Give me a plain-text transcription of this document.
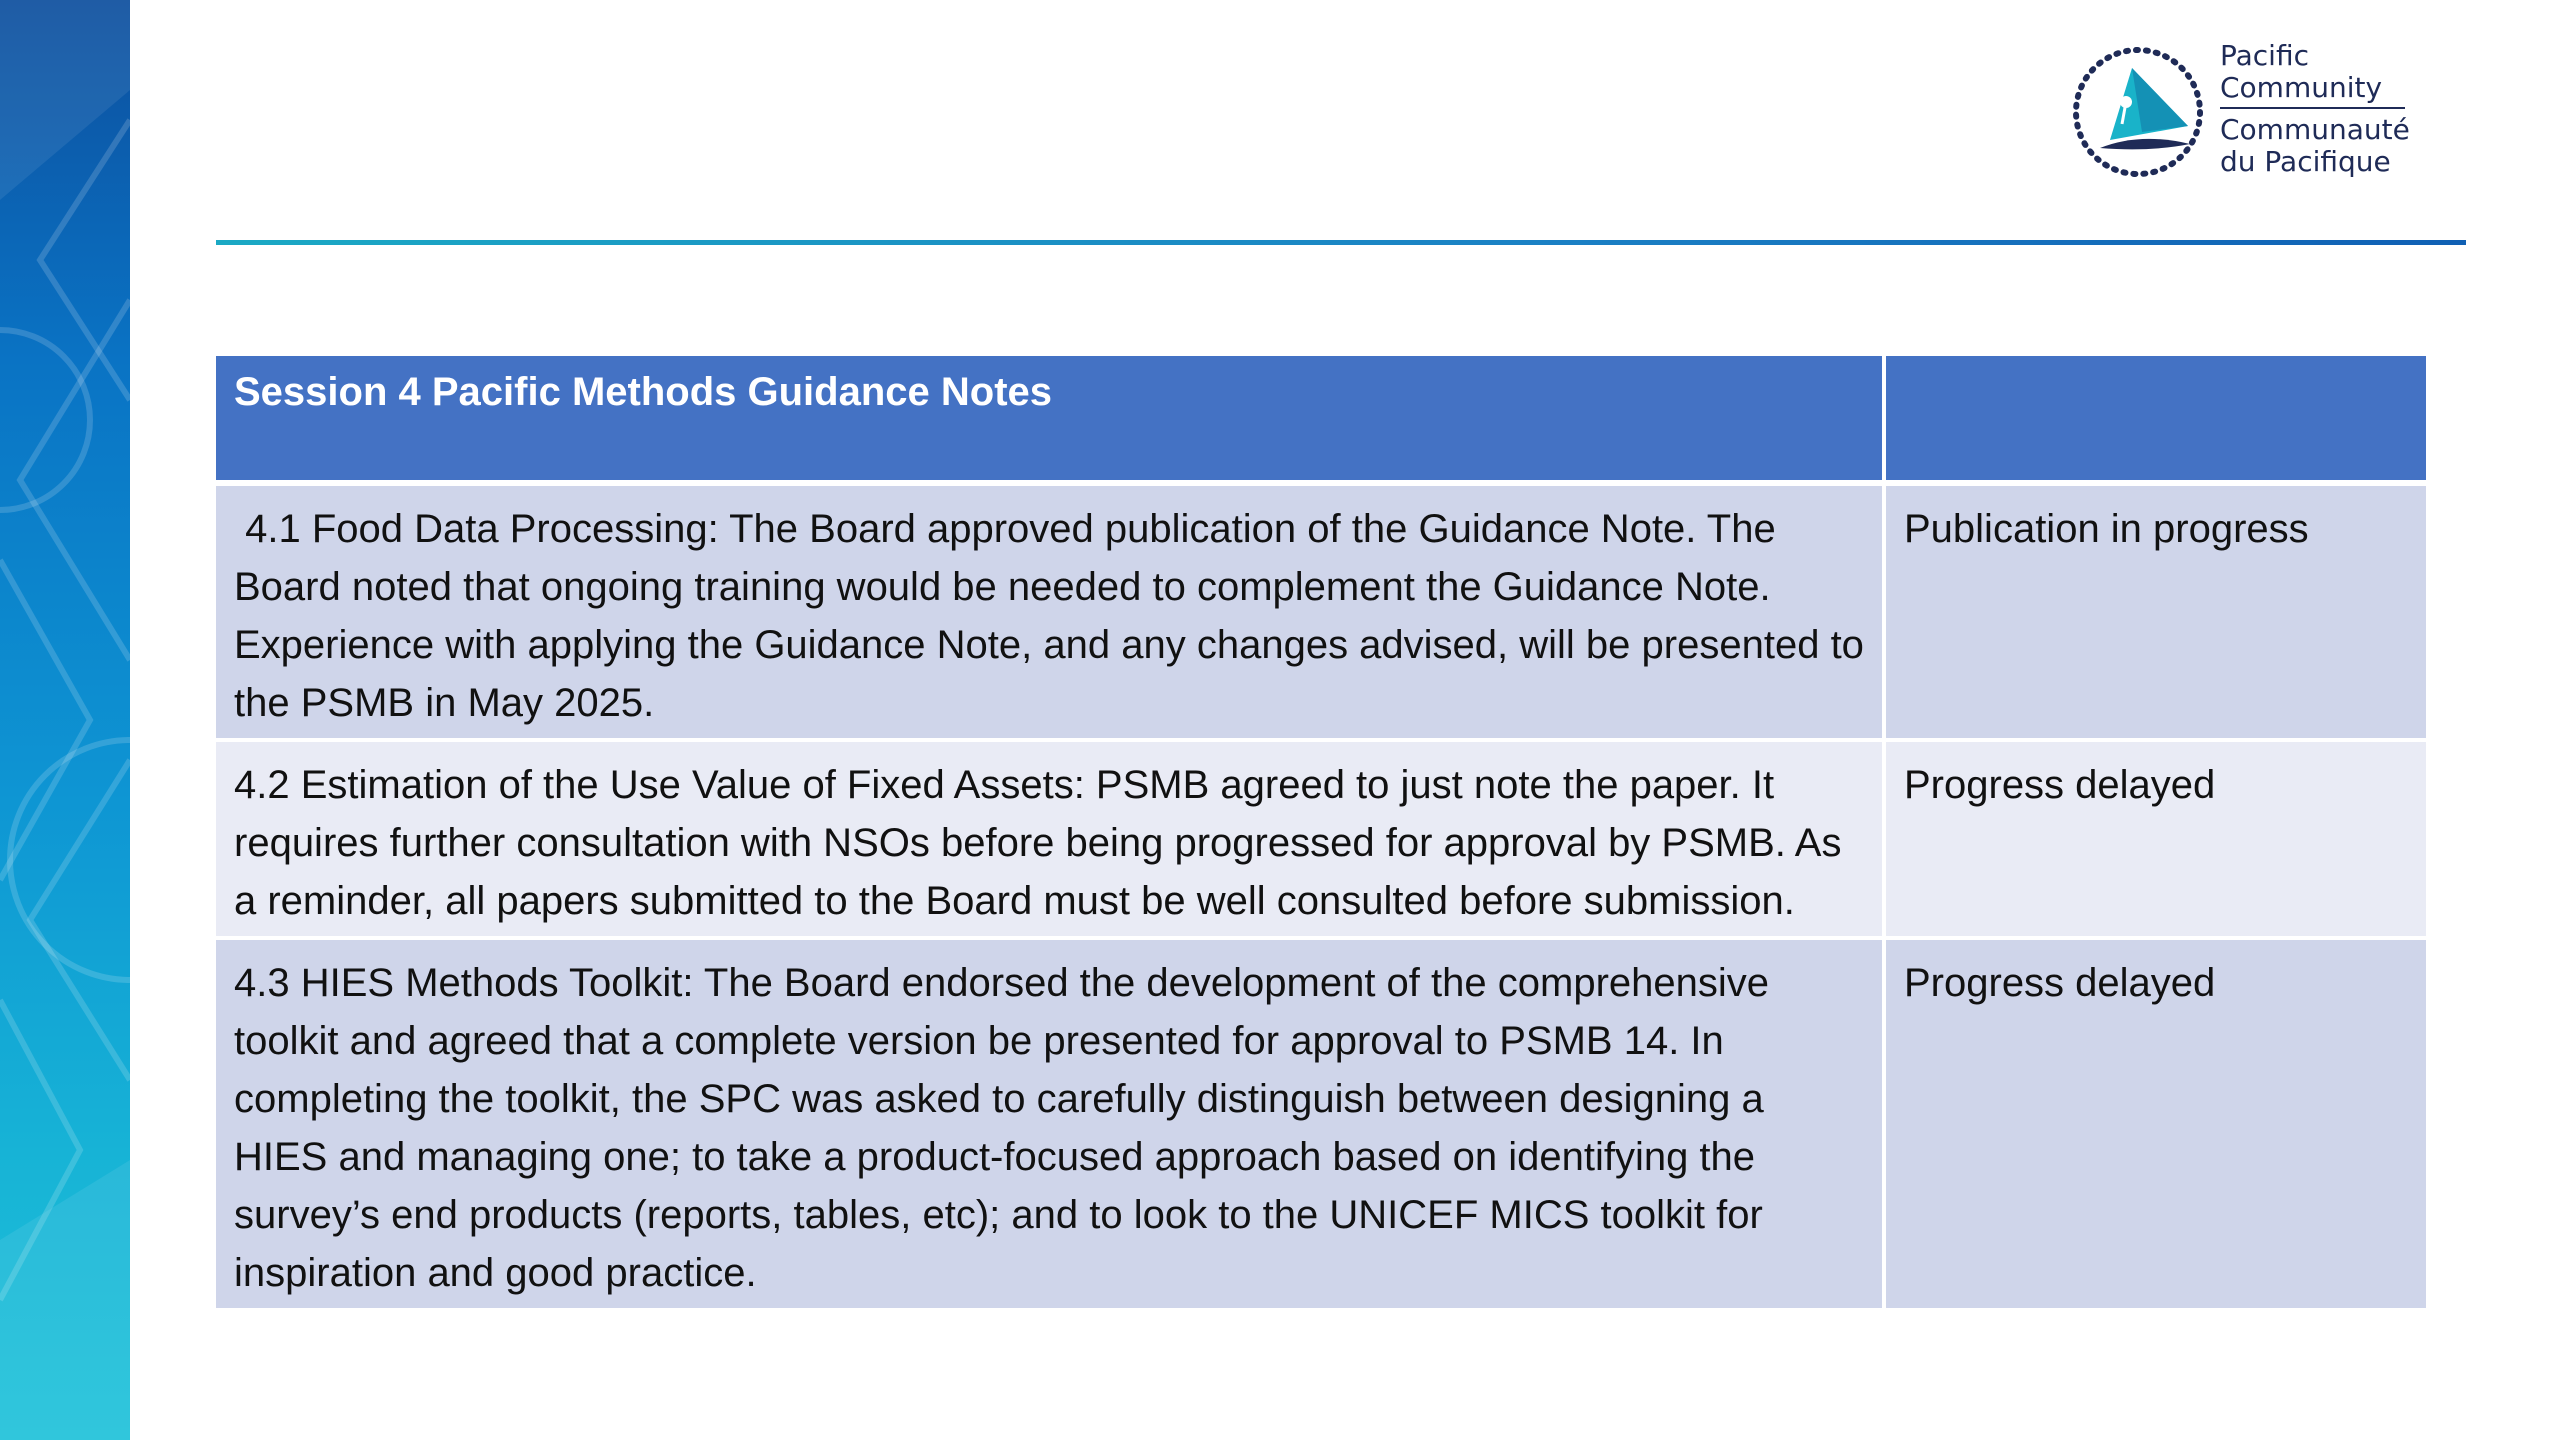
Pacific
Community
Communauté
du Pacifique
Session 4 Pacific Methods Guidance Notes	
4.1 Food Data Processing: The Board approved publication of the Guidance Note. The Board noted that ongoing training would be needed to complement the Guidance Note. Experience with applying the Guidance Note, and any changes advised, will be presented to the PSMB in May 2025.	Publication in progress
4.2 Estimation of the Use Value of Fixed Assets: PSMB agreed to just note the paper. It requires further consultation with NSOs before being progressed for approval by PSMB. As a reminder, all papers submitted to the Board must be well consulted before submission.	Progress delayed
4.3 HIES Methods Toolkit: The Board endorsed the development of the comprehensive toolkit and agreed that a complete version be presented for approval to PSMB 14. In completing the toolkit, the SPC was asked to carefully distinguish between designing a HIES and managing one; to take a product-focused approach based on identifying the survey’s end products (reports, tables, etc); and to look to the UNICEF MICS toolkit for inspiration and good practice.	Progress delayed
